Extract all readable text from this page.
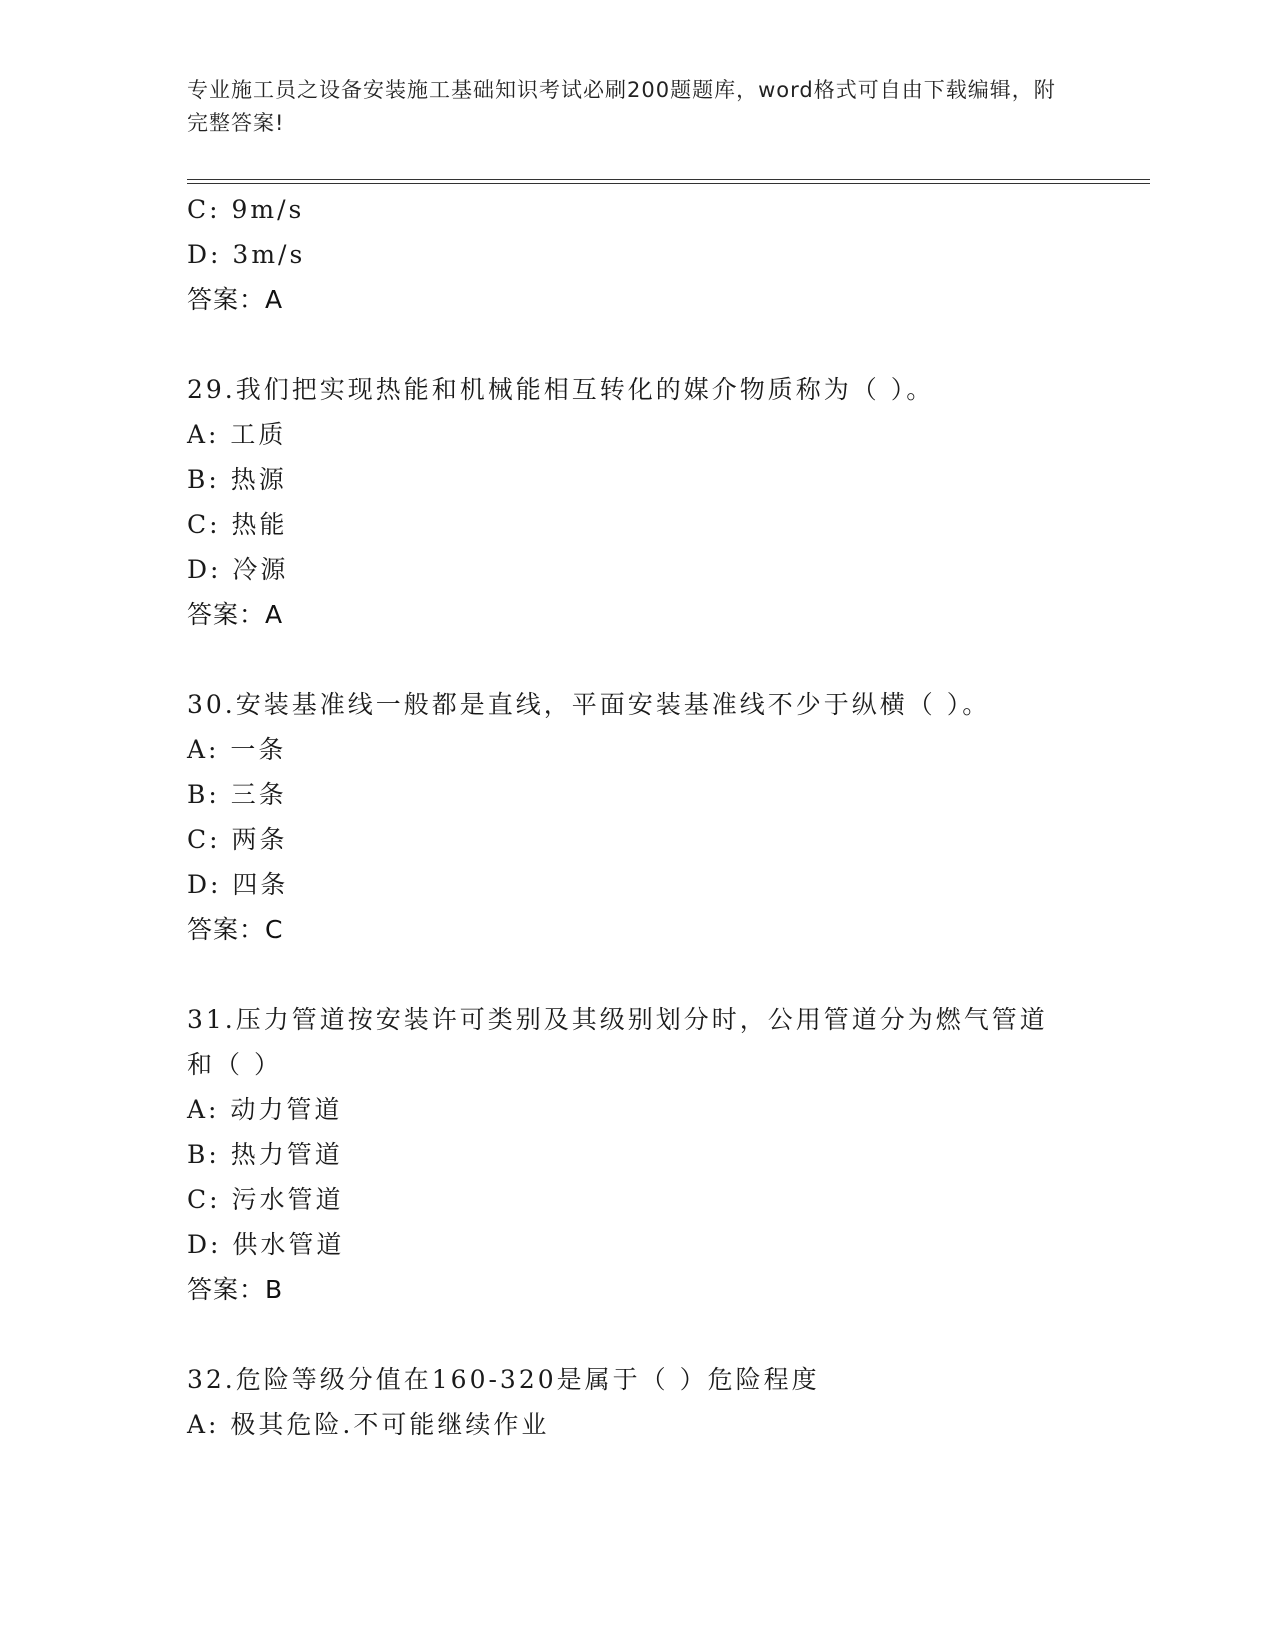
专业施工员之设备安装施工基础知识考试必刷200题题库，word格式可自由下载编辑，附完整答案!
C: 9m/s
D: 3m/s
答案：A
29.我们把实现热能和机械能相互转化的媒介物质称为（ ）。
A: 工质
B: 热源
C: 热能
D: 冷源
答案：A
30.安装基准线一般都是直线，平面安装基准线不少于纵横（ ）。
A: 一条
B: 三条
C: 两条
D: 四条
答案：C
31.压力管道按安装许可类别及其级别划分时，公用管道分为燃气管道
和（ ）
A: 动力管道
B: 热力管道
C: 污水管道
D: 供水管道
答案：B
32.危险等级分值在160-320是属于（ ）危险程度
A: 极其危险.不可能继续作业
